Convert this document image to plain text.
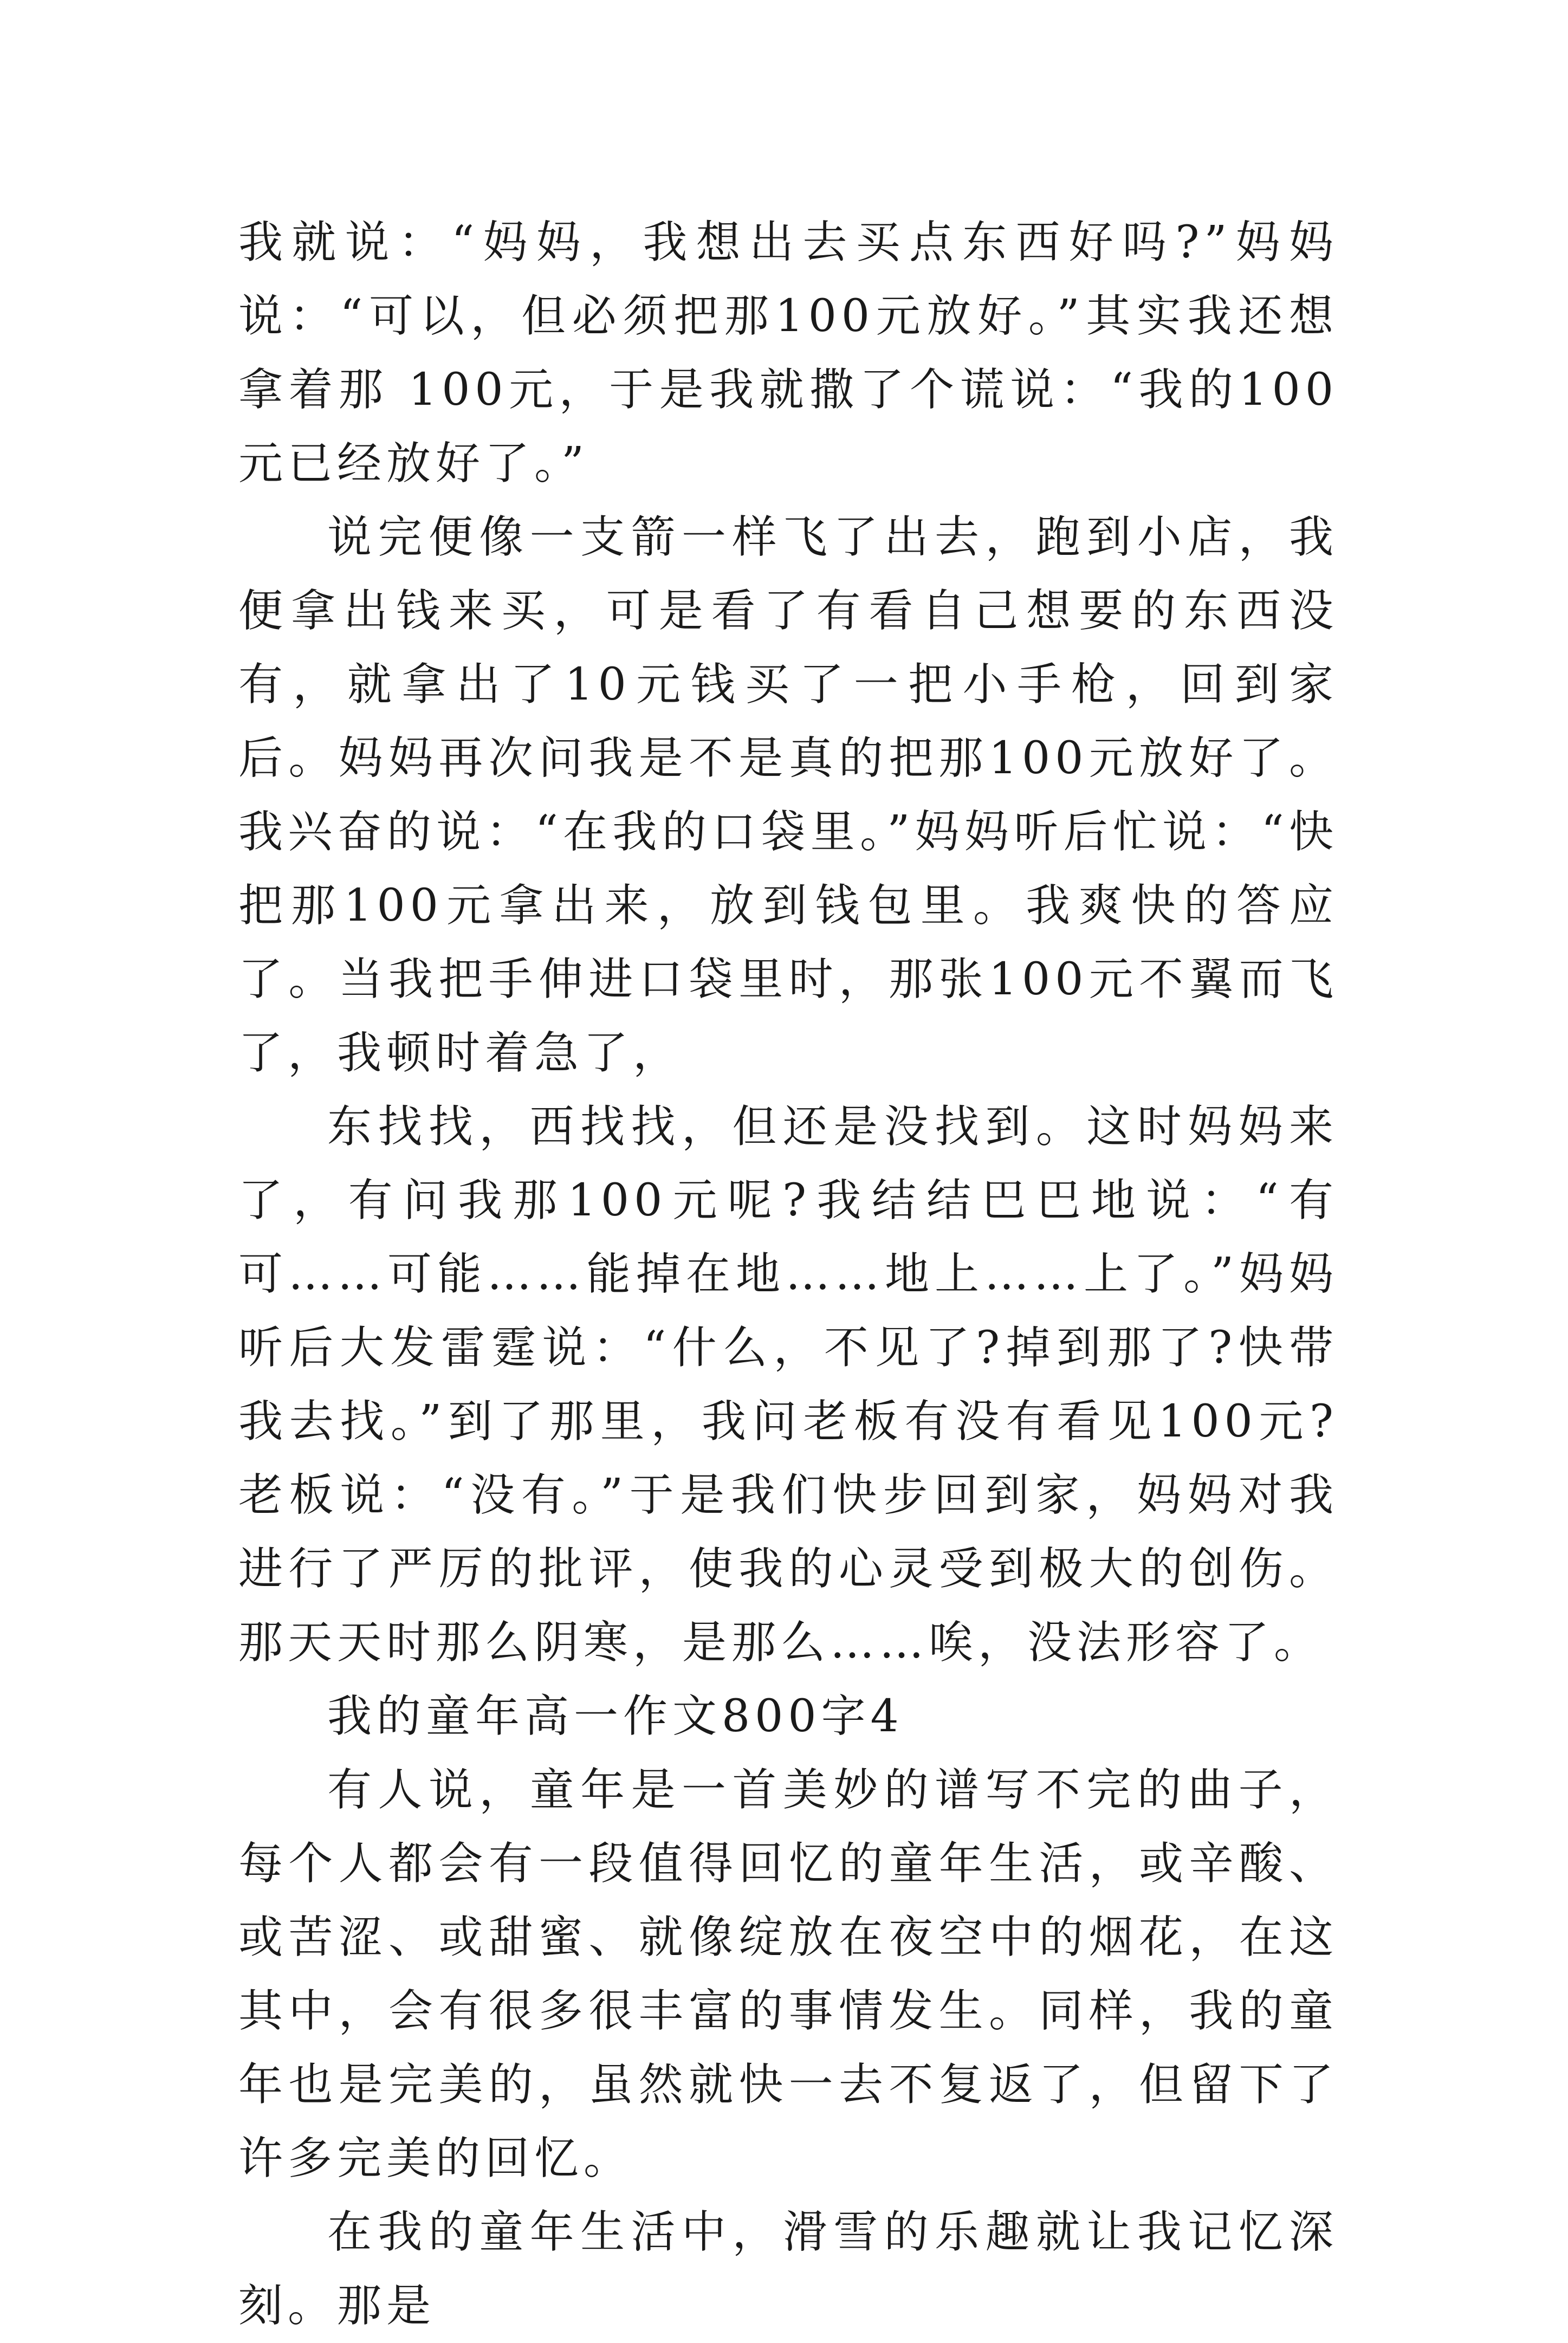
我就说：“妈妈，我想出去买点东西好吗?”妈妈说：“可以，但必须把那100元放好。”其实我还想拿着那 100元，于是我就撒了个谎说：“我的100元已经放好了。”

说完便像一支箭一样飞了出去，跑到小店，我便拿出钱来买，可是看了有看自己想要的东西没有，就拿出了10元钱买了一把小手枪，回到家后。妈妈再次问我是不是真的把那100元放好了。我兴奋的说：“在我的口袋里。”妈妈听后忙说：“快把那100元拿出来，放到钱包里。我爽快的答应了。当我把手伸进口袋里时，那张100元不翼而飞了，我顿时着急了，

东找找，西找找，但还是没找到。这时妈妈来了，有问我那100元呢?我结结巴巴地说：“有可……可能……能掉在地……地上……上了。”妈妈听后大发雷霆说：“什么，不见了?掉到那了?快带我去找。”到了那里，我问老板有没有看见100元?老板说：“没有。”于是我们快步回到家，妈妈对我进行了严厉的批评，使我的心灵受到极大的创伤。那天天时那么阴寒，是那么……唉，没法形容了。

我的童年高一作文800字4

有人说，童年是一首美妙的谱写不完的曲子，每个人都会有一段值得回忆的童年生活，或辛酸、或苦涩、或甜蜜、就像绽放在夜空中的烟花，在这其中，会有很多很丰富的事情发生。同样，我的童年也是完美的，虽然就快一去不复返了，但留下了许多完美的回忆。

在我的童年生活中，滑雪的乐趣就让我记忆深刻。那是
